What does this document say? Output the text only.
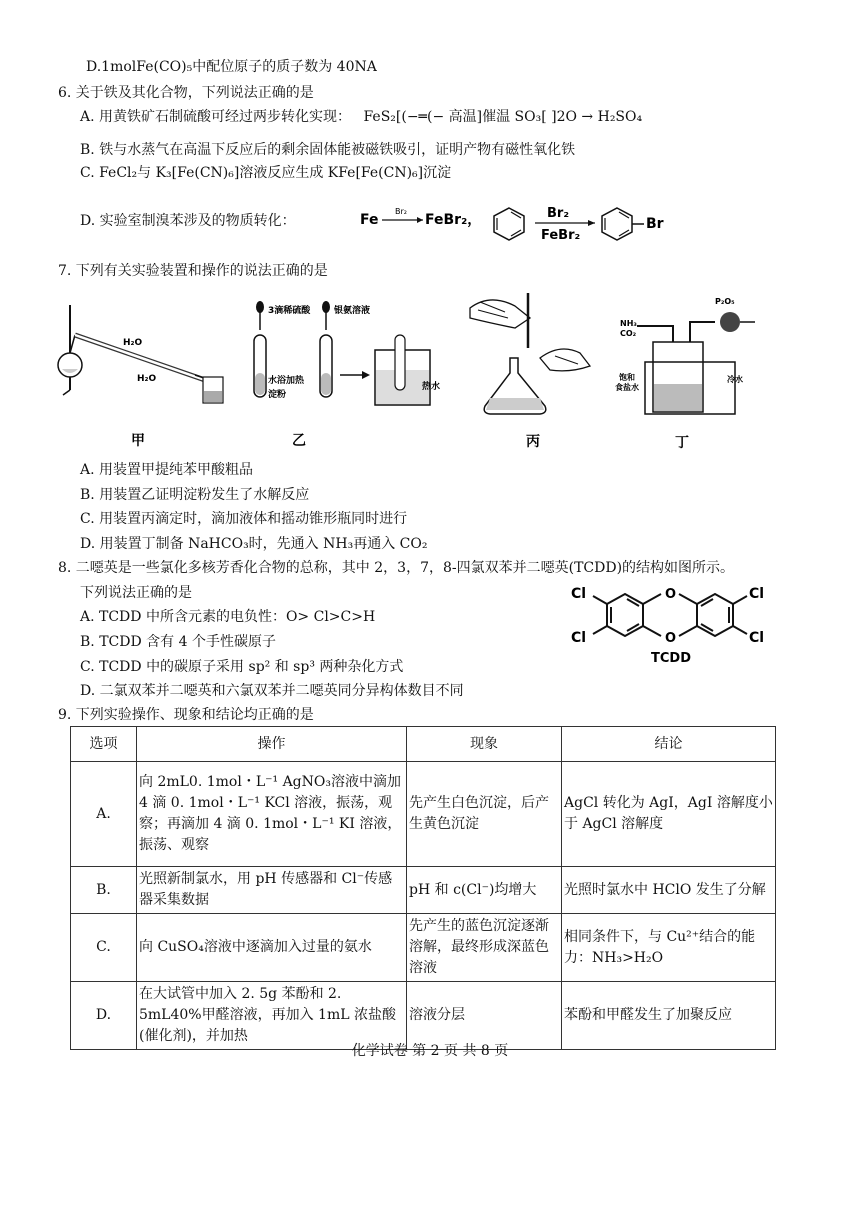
D.1molFe(CO)₅中配位原子的质子数为 40NA
6. 关于铁及其化合物，下列说法正确的是
A. 用黄铁矿石制硫酸可经过两步转化实现： FeS₂[(−═(− 高温]催温 SO₃[ ]2O → H₂SO₄
B. 铁与水蒸气在高温下反应后的剩余固体能被磁铁吸引，证明产物有磁性氧化铁
C. FeCl₂与 K₃[Fe(CN)₆]溶液反应生成 KFe[Fe(CN)₆]沉淀
D. 实验室制溴苯涉及的物质转化：	Fe
Br₂
FeBr₂，	Br₂
FeBr₂
Br
7. 下列有关实验装置和操作的说法正确的是
H₂O
H₂O
甲
3滴稀硫酸
水浴加热
淀粉
银氨溶液
热水
乙	丙
NH₃
CO₂
P₂O₅
饱和
食盐水
冷水
丁
A. 用装置甲提纯苯甲酸粗品
B. 用装置乙证明淀粉发生了水解反应
C. 用装置丙滴定时，滴加液体和摇动锥形瓶同时进行
D. 用装置丁制备 NaHCO₃时，先通入 NH₃再通入 CO₂
8. 二噁英是一些氯化多核芳香化合物的总称，其中 2，3，7，8-四氯双苯并二噁英(TCDD)的结构如图所示。
下列说法正确的是
A. TCDD 中所含元素的电负性：O> Cl>C>H
B. TCDD 含有 4 个手性碳原子
C. TCDD 中的碳原子采用 sp² 和 sp³ 两种杂化方式
D. 二氯双苯并二噁英和六氯双苯并二噁英同分异构体数目不同
O
O
Cl
Cl
Cl
Cl
TCDD
9. 下列实验操作、现象和结论均正确的是
选项	操作	现象	结论
A.	向 2mL0. 1mol・L⁻¹ AgNO₃溶液中滴加 4 滴 0. 1mol・L⁻¹ KCl 溶液，振荡，观察；再滴加 4 滴 0. 1mol・L⁻¹ KI 溶液，振荡、观察	先产生白色沉淀，后产生黄色沉淀	AgCl 转化为 AgI，AgI 溶解度小于 AgCl 溶解度
B.	光照新制氯水，用 pH 传感器和 Cl⁻传感器采集数据	pH 和 c(Cl⁻)均增大	光照时氯水中 HClO 发生了分解
C.	向 CuSO₄溶液中逐滴加入过量的氨水	先产生的蓝色沉淀逐渐溶解，最终形成深蓝色溶液	相同条件下，与 Cu²⁺结合的能力：NH₃>H₂O
D.	在大试管中加入 2. 5g 苯酚和 2. 5mL40%甲醛溶液，再加入 1mL 浓盐酸(催化剂)，并加热	溶液分层	苯酚和甲醛发生了加聚反应
化学试卷 第 2 页 共 8 页
